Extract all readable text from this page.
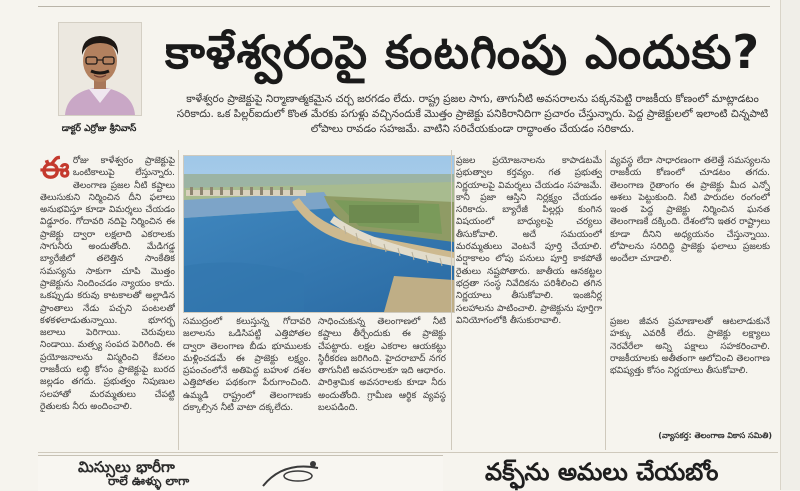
డాక్టర్ ఎర్రోజు శ్రీనివాస్
కాళేశ్వరంపై కంటగింపు ఎందుకు?
కాళేశ్వరం ప్రాజెక్టుపై నిర్మాణాత్మకమైన చర్చ జరగడం లేదు. రాష్ట్ర ప్రజల సాగు, తాగునీటి అవసరాలను పక్కనపెట్టి రాజకీయ కోణంలో మాట్లాడటం సరికాదు. ఒక పిల్లర్‌ఐదులో కొంత మేరకు పగుళ్లు వచ్చినందుకే మొత్తం ప్రాజెక్టు పనికిరానిదిగా ప్రచారం చేస్తున్నారు. పెద్ద ప్రాజెక్టులలో ఇలాంటి చిన్నపాటి లోపాలు రావడం సహజమే. వాటిని సరిచేయకుండా రాద్ధాంతం చేయడం సరికాదు.
ఈ రోజు కాళేశ్వరం ప్రాజెక్టుపై ఒంటికాలుపై లేస్తున్నారు. తెలంగాణ ప్రజల నీటి కష్టాలు తెలుసుకుని నిర్మించిన దీని ఫలాలు అనుభవిస్తూ కూడా విమర్శలు చేయడం విడ్డూరం. గోదావరి నదిపై నిర్మించిన ఈ ప్రాజెక్టు ద్వారా లక్షలాది ఎకరాలకు సాగునీరు అందుతోంది. మేడిగడ్డ బ్యారేజీలో తలెత్తిన సాంకేతిక సమస్యను సాకుగా చూపి మొత్తం ప్రాజెక్టును నిందించడం న్యాయం కాదు. ఒకప్పుడు కరువు కాటకాలతో అల్లాడిన ప్రాంతాలు నేడు పచ్చని పంటలతో కళకళలాడుతున్నాయి. భూగర్భ జలాలు పెరిగాయి. చెరువులు నిండాయి. మత్స్య సంపద పెరిగింది. ఈ ప్రయోజనాలను విస్మరించి కేవలం రాజకీయ లబ్ధి కోసం ప్రాజెక్టుపై బురద జల్లడం తగదు. ప్రభుత్వం నిపుణుల సలహాతో మరమ్మతులు చేపట్టి రైతులకు నీరు అందించాలి.
సముద్రంలో కలుస్తున్న గోదావరి జలాలను ఒడిసిపట్టి ఎత్తిపోతల ద్వారా తెలంగాణ బీడు భూములకు మళ్లించడమే ఈ ప్రాజెక్టు లక్ష్యం. ప్రపంచంలోనే అతిపెద్ద బహుళ దశల ఎత్తిపోతల పథకంగా పేరుగాంచింది. ఉమ్మడి రాష్ట్రంలో తెలంగాణకు దక్కాల్సిన నీటి వాటా దక్కలేదు.
సాధించుకున్న తెలంగాణలో నీటి కష్టాలు తీర్చేందుకు ఈ ప్రాజెక్టు చేపట్టారు. లక్షల ఎకరాల ఆయకట్టు స్థిరీకరణ జరిగింది. హైదరాబాద్ నగర తాగునీటి అవసరాలకూ ఇది ఆధారం. పారిశ్రామిక అవసరాలకు కూడా నీరు అందుతోంది. గ్రామీణ ఆర్థిక వ్యవస్థ బలపడింది.
ప్రజల ప్రయోజనాలను కాపాడటమే ప్రభుత్వాల కర్తవ్యం. గత ప్రభుత్వ నిర్ణయాలపై విమర్శలు చేయడం సహజమే. కానీ ప్రజా ఆస్తిని నిర్లక్ష్యం చేయడం సరికాదు. బ్యారేజీ పిల్లర్లు కుంగిన విషయంలో బాధ్యులపై చర్యలు తీసుకోవాలి. అదే సమయంలో మరమ్మతులు వెంటనే పూర్తి చేయాలి. వర్షాకాలం లోపు పనులు పూర్తి కాకపోతే రైతులు నష్టపోతారు. జాతీయ ఆనకట్టల భద్రతా సంస్థ నివేదికను పరిశీలించి తగిన నిర్ణయాలు తీసుకోవాలి. ఇంజినీర్ల సలహాలను పాటించాలి. ప్రాజెక్టును పూర్తిగా వినియోగంలోకి తీసుకురావాలి.
వ్యవస్థ లేదా సాధారణంగా తలెత్తే సమస్యలను రాజకీయ కోణంలో చూడటం తగదు. తెలంగాణ రైతాంగం ఈ ప్రాజెక్టు మీద ఎన్నో ఆశలు పెట్టుకుంది. నీటి పారుదల రంగంలో ఇంత పెద్ద ప్రాజెక్టు నిర్మించిన ఘనత తెలంగాణకే దక్కింది. దేశంలోని ఇతర రాష్ట్రాలు కూడా దీనిని అధ్యయనం చేస్తున్నాయి. లోపాలను సరిదిద్ది ప్రాజెక్టు ఫలాలు ప్రజలకు అందేలా చూడాలి.
ప్రజల జీవన ప్రమాణాలతో ఆటలాడుకునే హక్కు ఎవరికీ లేదు. ప్రాజెక్టు లక్ష్యాలు నెరవేరేలా అన్ని పక్షాలు సహకరించాలి. రాజకీయాలకు అతీతంగా ఆలోచించి తెలంగాణ భవిష్యత్తు కోసం నిర్ణయాలు తీసుకోవాలి.
(వ్యాసకర్త: తెలంగాణ వికాస సమితి)
మిస్సులు భారీగా
రాలే ఊళ్ళు లాగా	వక్ఫ్‌ను అమలు చేయబోం
